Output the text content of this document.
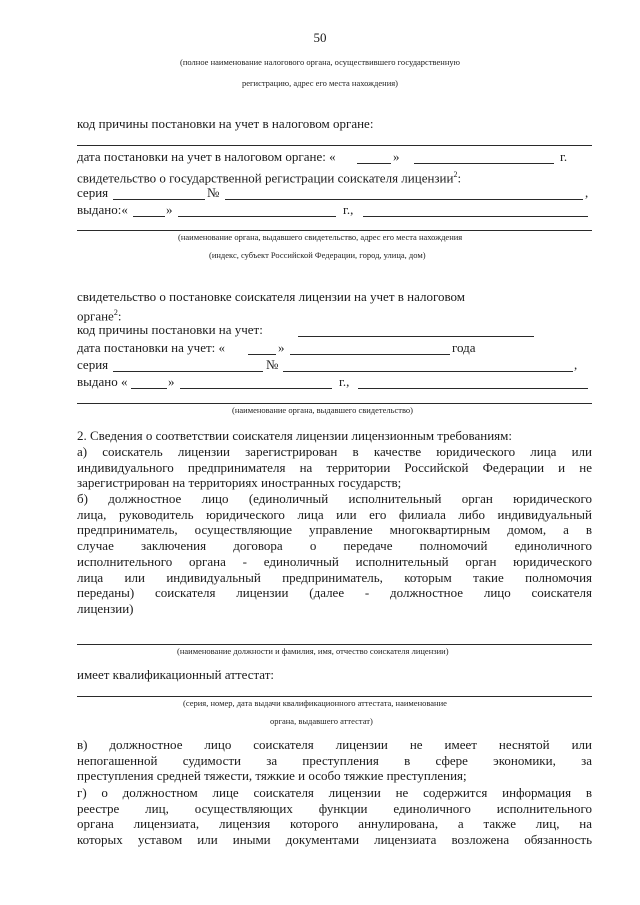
50
(полное наименование налогового органа, осуществившего государственную
регистрацию, адрес его места нахождения)
код причины постановки на учет в налоговом органе:
дата постановки на учет в налоговом органе: «	»	г.
свидетельство о государственной регистрации соискателя лицензии$^2$:
серия	№	,
выдано:«	»	г.,
(наименование органа, выдавшего свидетельство, адрес его места нахождения
(индекс, субъект Российской Федерации, город, улица, дом)
свидетельство о постановке соискателя лицензии на учет в налоговом
органе$^2$:
код причины постановки на учет:
дата постановки на учет: «	»	года
серия	№	,
выдано «	»	г.,
(наименование органа, выдавшего свидетельство)
2. Сведения о соответствии соискателя лицензии лицензионным требованиям:
а) соискатель лицензии зарегистрирован в качестве юридического лица или
индивидуального предпринимателя на территории Российской Федерации и не
зарегистрирован на территориях иностранных государств;
б) должностное лицо (единоличный исполнительный орган юридического
лица, руководитель юридического лица или его филиала либо индивидуальный
предприниматель, осуществляющие управление многоквартирным домом, а в
случае заключения договора о передаче полномочий единоличного
исполнительного органа - единоличный исполнительный орган юридического
лица или индивидуальный предприниматель, которым такие полномочия
переданы) соискателя лицензии (далее - должностное лицо соискателя
лицензии)
(наименование должности и фамилия, имя, отчество соискателя лицензии)
имеет квалификационный аттестат:
(серия, номер, дата выдачи квалификационного аттестата, наименование
органа, выдавшего аттестат)
в) должностное лицо соискателя лицензии не имеет неснятой или
непогашенной судимости за преступления в сфере экономики, за
преступления средней тяжести, тяжкие и особо тяжкие преступления;
г) о должностном лице соискателя лицензии не содержится информация в
реестре лиц, осуществляющих функции единоличного исполнительного
органа лицензиата, лицензия которого аннулирована, а также лиц, на
которых уставом или иными документами лицензиата возложена обязанность
